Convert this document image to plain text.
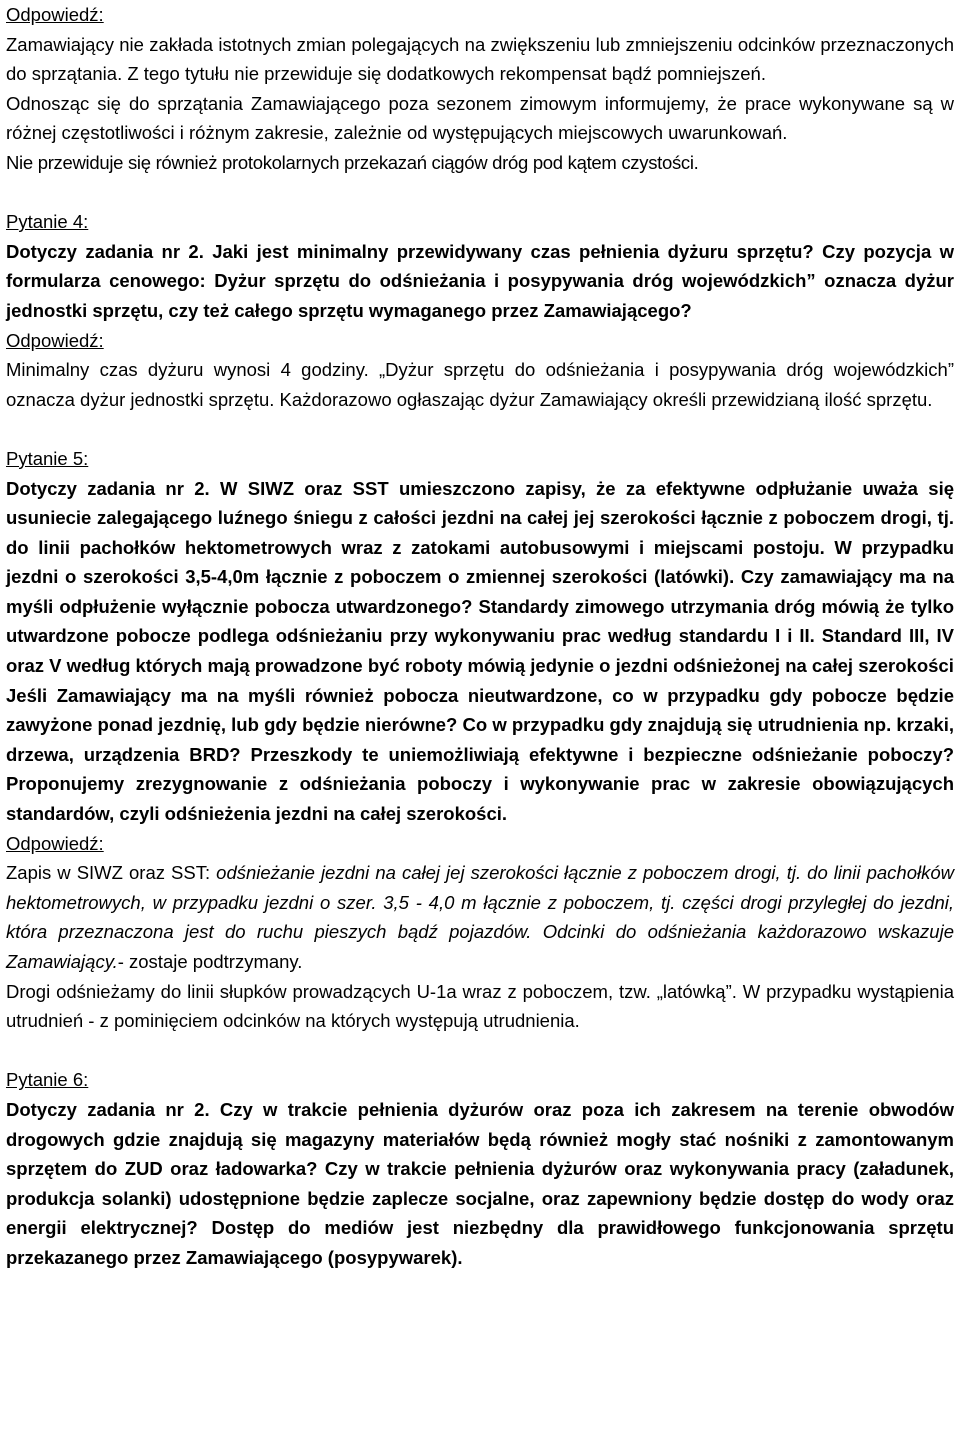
Odpowiedź:

Zamawiający nie zakłada istotnych zmian polegających na zwiększeniu lub zmniejszeniu odcinków przeznaczonych do sprzątania. Z tego tytułu nie przewiduje się dodatkowych rekompensat bądź pomniejszeń.

Odnosząc się do sprzątania Zamawiającego poza sezonem zimowym informujemy, że prace wykonywane są w różnej częstotliwości i różnym zakresie, zależnie od występujących miejscowych uwarunkowań.

Nie przewiduje się również protokolarnych przekazań ciągów dróg pod kątem czystości.

Pytanie 4:

Dotyczy zadania nr 2. Jaki jest minimalny przewidywany czas pełnienia dyżuru sprzętu? Czy pozycja w formularza cenowego: Dyżur sprzętu do odśnieżania i posypywania dróg wojewódzkich” oznacza dyżur jednostki sprzętu, czy też całego sprzętu wymaganego przez Zamawiającego?

Odpowiedź:

Minimalny czas dyżuru wynosi 4 godziny. „Dyżur sprzętu do odśnieżania i posypywania dróg wojewódzkich” oznacza dyżur jednostki sprzętu. Każdorazowo ogłaszając dyżur Zamawiający określi przewidzianą ilość sprzętu.

Pytanie 5:

Dotyczy zadania nr 2. W SIWZ oraz SST umieszczono zapisy, że za efektywne odpłużanie uważa się usuniecie zalegającego luźnego śniegu z całości jezdni na całej jej szerokości łącznie z poboczem drogi, tj. do linii pachołków hektometrowych wraz z zatokami autobusowymi i miejscami postoju. W przypadku jezdni o szerokości 3,5-4,0m łącznie z poboczem o zmiennej szerokości (latówki). Czy zamawiający ma na myśli odpłużenie wyłącznie pobocza utwardzonego? Standardy zimowego utrzymania dróg mówią że tylko utwardzone pobocze podlega odśnieżaniu przy wykonywaniu prac według standardu I i II. Standard III, IV oraz V według których mają prowadzone być roboty mówią jedynie o jezdni odśnieżonej na całej szerokości

Jeśli Zamawiający ma na myśli również pobocza nieutwardzone, co w przypadku gdy pobocze będzie zawyżone ponad jezdnię, lub gdy będzie nierówne? Co w przypadku gdy znajdują się utrudnienia np. krzaki, drzewa, urządzenia BRD? Przeszkody te uniemożliwiają efektywne i bezpieczne odśnieżanie poboczy? Proponujemy zrezygnowanie z odśnieżania poboczy i wykonywanie prac w zakresie obowiązujących standardów, czyli odśnieżenia jezdni na całej szerokości.

Odpowiedź:

Zapis w SIWZ oraz SST: odśnieżanie jezdni na całej jej szerokości łącznie z poboczem drogi, tj. do linii pachołków hektometrowych, w przypadku jezdni o szer. 3,5 - 4,0 m łącznie z poboczem, tj. części drogi przyległej do jezdni, która przeznaczona jest do ruchu pieszych bądź pojazdów. Odcinki do odśnieżania każdorazowo wskazuje Zamawiający.- zostaje podtrzymany.

Drogi odśnieżamy do linii słupków prowadzących U-1a wraz z poboczem, tzw. „latówką”. W przypadku wystąpienia utrudnień - z pominięciem odcinków na których występują utrudnienia.

Pytanie 6:

Dotyczy zadania nr 2. Czy w trakcie pełnienia dyżurów oraz poza ich zakresem na terenie obwodów drogowych gdzie znajdują się magazyny materiałów będą również mogły stać nośniki z zamontowanym sprzętem do ZUD oraz ładowarka? Czy w trakcie pełnienia dyżurów oraz wykonywania pracy (załadunek, produkcja solanki) udostępnione będzie zaplecze socjalne, oraz zapewniony będzie dostęp do wody oraz energii elektrycznej? Dostęp do mediów jest niezbędny dla prawidłowego funkcjonowania sprzętu przekazanego przez Zamawiającego (posypywarek).
